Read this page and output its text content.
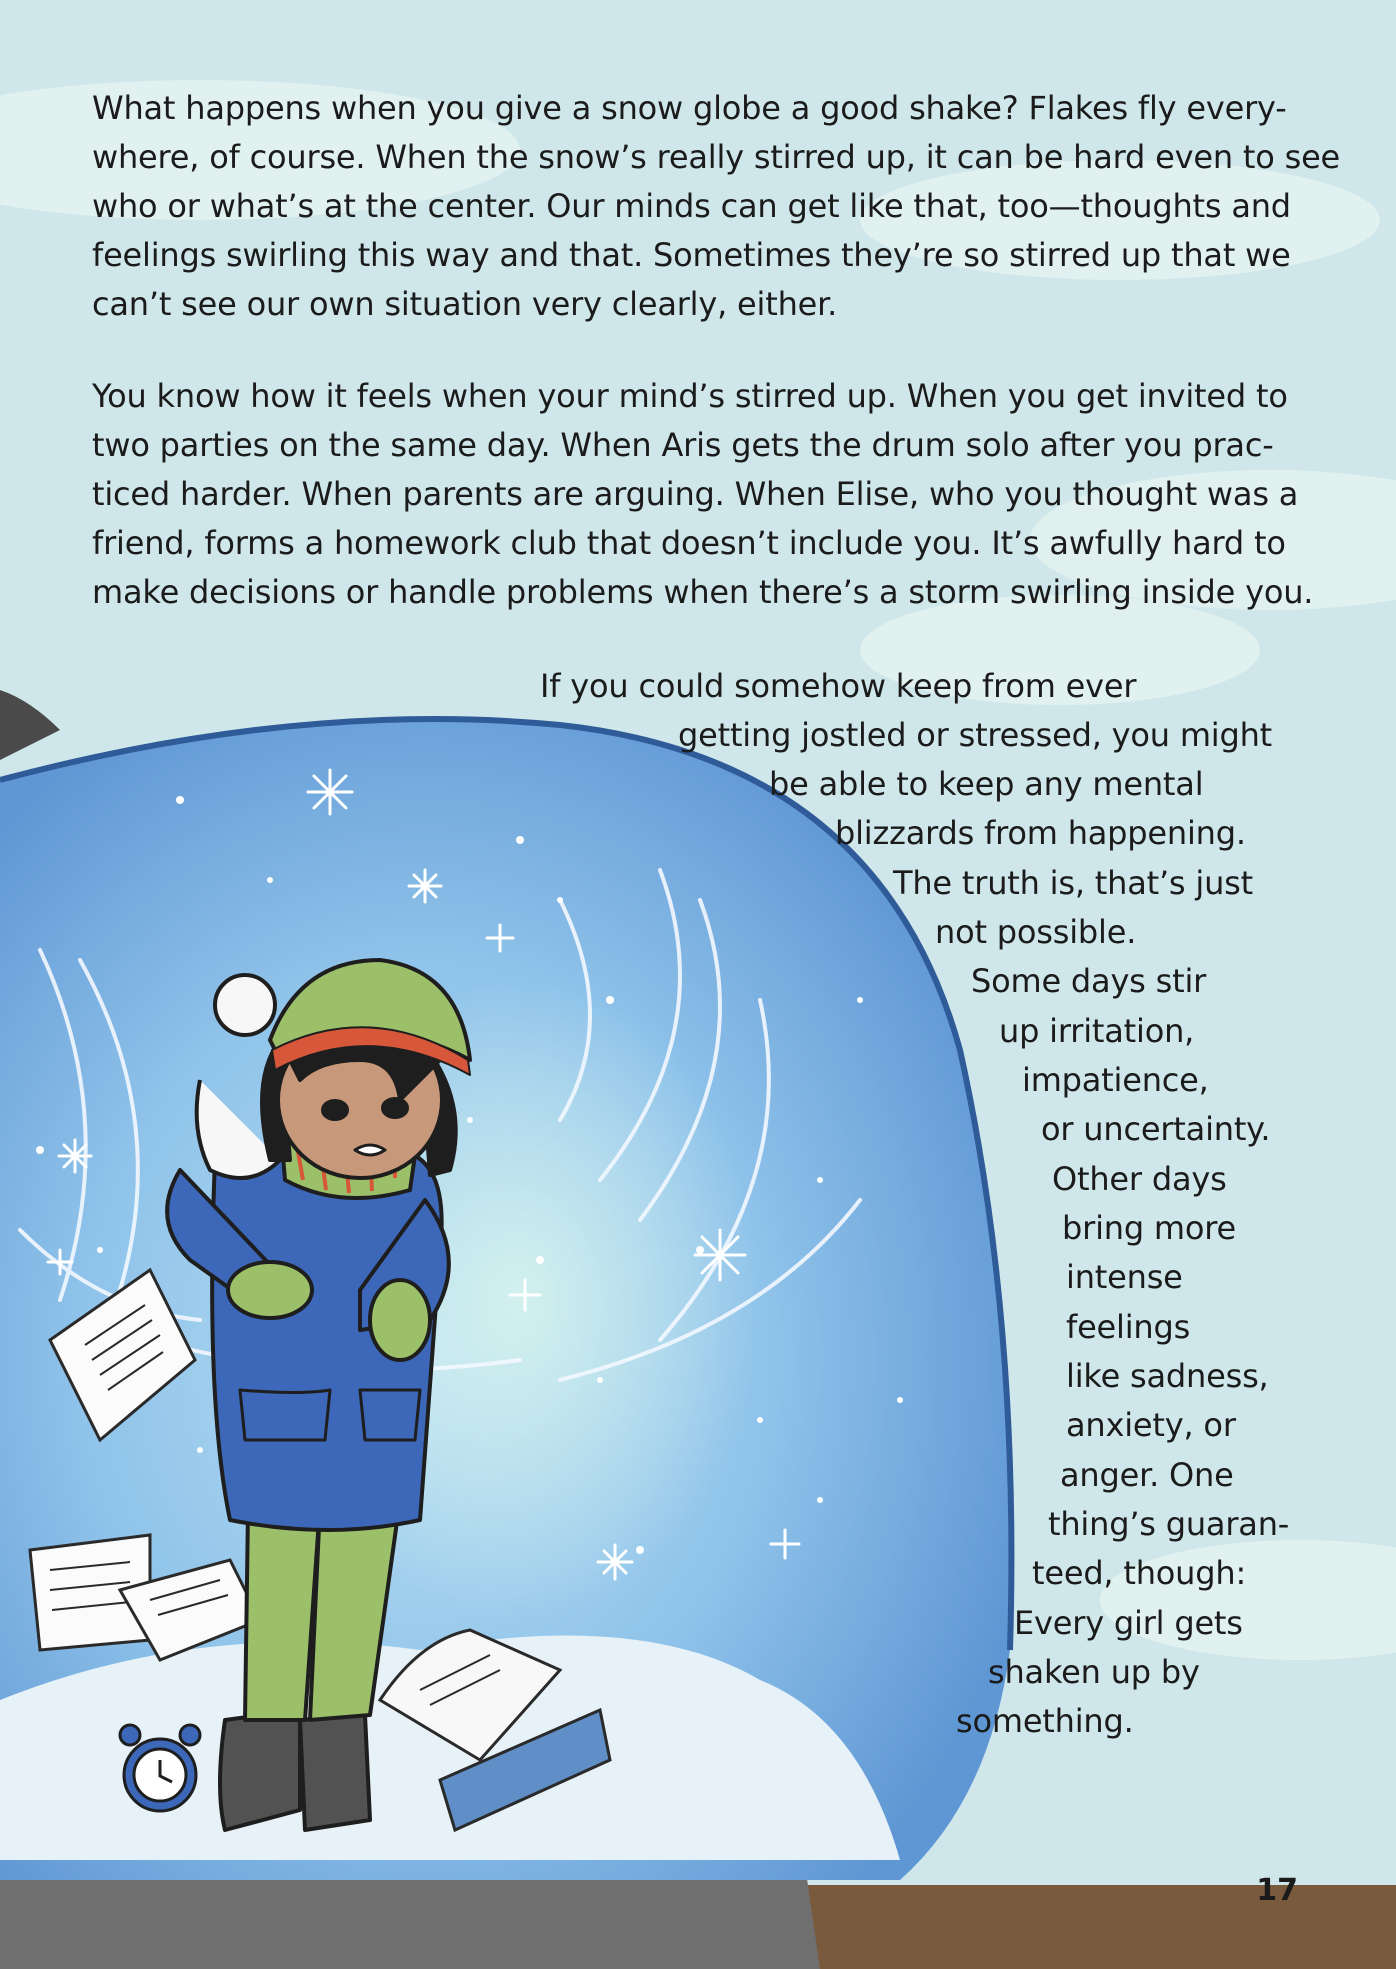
What happens when you give a snow globe a good shake? Flakes fly every-
where, of course. When the snow’s really stirred up, it can be hard even to see
who or what’s at the center. Our minds can get like that, too—thoughts and
feelings swirling this way and that. Sometimes they’re so stirred up that we
can’t see our own situation very clearly, either.

You know how it feels when your mind’s stirred up. When you get invited to
two parties on the same day. When Aris gets the drum solo after you prac-
ticed harder. When parents are arguing. When Elise, who you thought was a
friend, forms a homework club that doesn’t include you. It’s awfully hard to
make decisions or handle problems when there’s a storm swirling inside you.

If you could somehow keep from ever
getting jostled or stressed, you might
be able to keep any mental
blizzards from happening.
The truth is, that’s just
not possible.
Some days stir
up irritation,
impatience,
or uncertainty.
Other days
bring more
intense
feelings
like sadness,
anxiety, or
anger. One
thing’s guaran-
teed, though:
Every girl gets
shaken up by
something.
17
